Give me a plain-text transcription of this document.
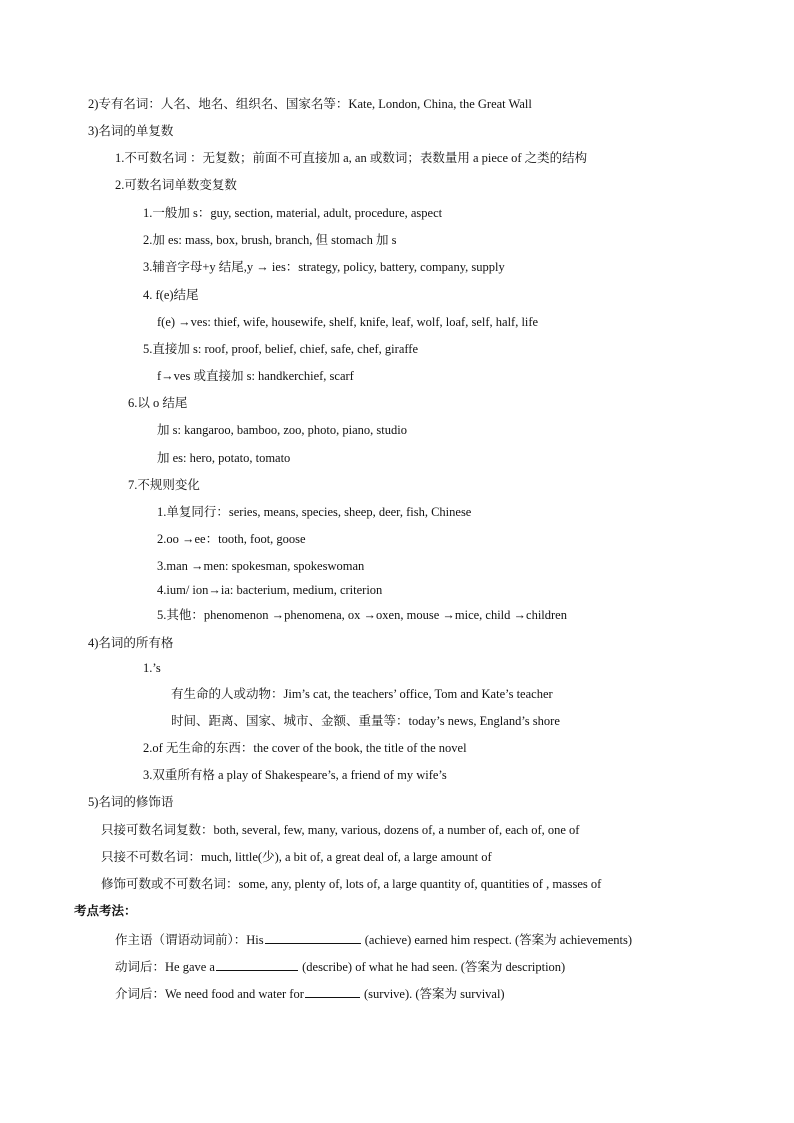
2)专有名词：人名、地名、组织名、国家名等：Kate, London, China, the Great Wall
3)名词的单复数
1.不可数名词 ：无复数；前面不可直接加 a, an 或数词；表数量用 a piece of 之类的结构
2.可数名词单数变复数
1.一般加 s：guy, section, material, adult, procedure, aspect
2.加 es: mass, box, brush, branch, 但 stomach 加 s
3.辅音字母+y 结尾,y → ies：strategy, policy, battery, company, supply
4. f(e)结尾
f(e) →ves: thief, wife, housewife, shelf, knife, leaf, wolf, loaf, self, half, life
5.直接加 s: roof, proof, belief, chief, safe, chef, giraffe
f→ves 或直接加 s: handkerchief, scarf
6.以 o 结尾
加 s: kangaroo, bamboo, zoo, photo, piano, studio
加 es: hero, potato, tomato
7.不规则变化
1.单复同行：series, means, species, sheep, deer, fish, Chinese
2.oo →ee：tooth, foot, goose
3.man →men: spokesman, spokeswoman
4.ium/ ion→ia: bacterium, medium, criterion
5.其他：phenomenon →phenomena, ox →oxen, mouse →mice, child →children
4)名词的所有格
1.’s
有生命的人或动物：Jim’s cat, the teachers’ office, Tom and Kate’s teacher
时间、距离、国家、城市、金额、重量等：today’s news, England’s shore
2.of 无生命的东西：the cover of the book, the title of the novel
3.双重所有格 a play of Shakespeare’s, a friend of my wife’s
5)名词的修饰语
只接可数名词复数：both, several, few, many, various, dozens of, a number of, each of, one of
只接不可数名词：much, little(少), a bit of, a great deal of, a large amount of
修饰可数或不可数名词：some, any, plenty of, lots of, a large quantity of, quantities of , masses of
考点考法：
作主语（谓语动词前）：His	(achieve) earned him respect. (答案为 achievements)
动词后：He gave a	(describe) of what he had seen. (答案为 description)
介词后：We need food and water for	(survive). (答案为 survival)
